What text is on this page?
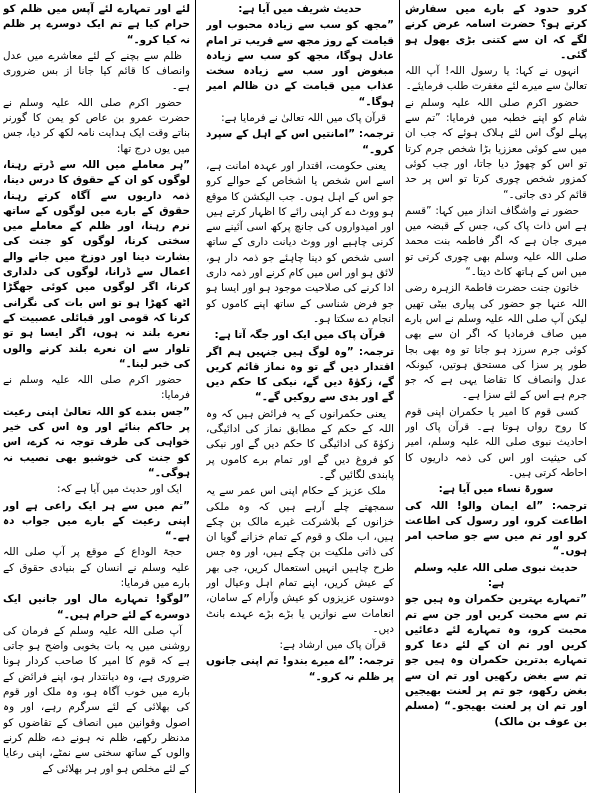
کرو حدود کے بارے میں سفارش کرتے ہو؟ حضرت اسامہ عرض کرنے لگے کہ ان سے کتنی بڑی بھول ہو گئی۔

انہوں نے کہا: یا رسول اللہ! آپ اللہ تعالیٰ سے میرے لئے مغفرت طلب فرمایئے۔

حضور اکرم صلی اللہ علیہ وسلم نے شام کو اپنے خطبہ میں فرمایا: ”تم سے پہلے لوگ اس لئے ہلاک ہوئے کہ جب ان میں سے کوئی معززیا بڑا شخص جرم کرتا تو اس کو چھوڑ دیا جاتا، اور جب کوئی کمزور شخص چوری کرتا تو اس پر حد قائم کر دی جاتی۔“

حضور نے واشگاف انداز میں کہا: ”قسم ہے اس ذات پاک کی، جس کے قبضہ میں میری جان ہے کہ اگر فاطمہ بنت محمد صلی اللہ علیہ وسلم بھی چوری کرتی تو میں اس کے ہاتھ کاٹ دیتا۔“

خاتون جنت حضرت فاطمۃ الزہرہ رضی اللہ عنہا جو حضور کی پیاری بیٹی تھیں لیکن آپ صلی اللہ علیہ وسلم نے اس بارے میں صاف فرمادیا کہ اگر ان سے بھی کوئی جرم سرزد ہو جاتا تو وہ بھی بجا طور پر سزا کی مستحق ہوتیں، کیونکہ عدل وانصاف کا تقاضا یہی ہے کہ جو جرم ہے اس کے لئے سزا ہے۔

کسی قوم کا امیر یا حکمران اپنی قوم کا روح رواں ہوتا ہے۔ قرآن پاک اور احادیث نبوی صلی اللہ علیہ وسلم، امیر کی حیثیت اور اس کی ذمہ داریوں کا احاطہ کرتی ہیں۔

سورۃ نساء میں آیا ہے:

ترجمہ: ”اے ایمان والو! اللہ کی اطاعت کرو، اور رسول کی اطاعت کرو اور تم میں سے جو صاحب امر ہوں۔“

حدیث نبوی صلی اللہ علیہ وسلم ہے:

”تمہارے بہترین حکمران وہ ہیں جو تم سے محبت کریں اور جن سے تم محبت کرو، وہ تمہارے لئے دعائیں کریں اور تم ان کے لئے دعا کرو تمہارے بدترین حکمران وہ ہیں جو تم سے بغض رکھیں اور تم ان سے بغض رکھو، جو تم پر لعنت بھیجیں اور تم ان پر لعنت بھیجو۔“ (مسلم بن عوف بن مالک)

حدیث شریف میں آیا ہے:

”مجھ کو سب سے زیادہ محبوب اور قیامت کے روز مجھ سے قریب تر امام عادل ہوگا، مجھ کو سب سے زیادہ مبغوض اور سب سے زیادہ سخت عذاب میں قیامت کے دن ظالم امیر ہوگا۔“

قرآن پاک میں اللہ تعالیٰ نے فرمایا ہے:

ترجمہ: ”امانتیں اس کے اہل کے سپرد کرو۔“

یعنی حکومت، اقتدار اور عہدہ امانت ہے، اسے اس شخص یا اشخاص کے حوالے کرو جو اس کے اہل ہوں۔ جب الیکشن کا موقع ہو ووٹ دے کر اپنی رائے کا اظہار کرتے ہیں اور امیدواروں کی جانچ پرکھ اسی آئینے سے کرنی چاہیے اور ووٹ دیانت داری کے ساتھ اسی شخص کو دینا چاہئے جو ذمہ دار ہو، لائق ہو اور اس میں کام کرنے اور ذمہ داری ادا کرنے کی صلاحیت موجود ہو اور ایسا ہو جو فرض شناسی کے ساتھ اپنے کاموں کو انجام دے سکتا ہو۔

قرآن پاک میں ایک اور جگہ آتا ہے:

ترجمہ: ”وہ لوگ ہیں جنہیں ہم اگر اقتدار دیں گے تو وہ نماز قائم کریں گے، زکوٰۃ دیں گے، نیکی کا حکم دیں گے اور بدی سے روکیں گے۔“

یعنی حکمرانوں کے یہ فرائض ہیں کہ وہ اللہ کے حکم کے مطابق نماز کی ادائیگی، زکوٰۃ کی ادائیگی کا حکم دیں گے اور نیکی کو فروغ دیں گے اور تمام برے کاموں پر پابندی لگائیں گے۔

ملک عزیز کے حکام اپنی اس عمر سے یہ سمجھتے چلے آرہے ہیں کہ وہ ملکی خزانوں کے بلاشرکت غیرے مالک بن چکے ہیں، اب ملک و قوم کے تمام خزانے گویا ان کی ذاتی ملکیت بن چکے ہیں، اور وہ جس طرح چاہیں انہیں استعمال کریں، جی بھر کے عیش کریں، اپنے تمام اہل وعیال اور دوستوں عزیزوں کو عیش وآرام کے سامان، انعامات سے نوازیں یا بڑے بڑے عہدے بانٹ دیں۔

قرآن پاک میں ارشاد ہے:

ترجمہ: ”اے میرے بندو! تم اپنی جانوں پر ظلم نہ کرو۔“

لئے اور تمہارے لئے آپس میں ظلم کو حرام کیا ہے تم ایک دوسرے پر ظلم نہ کیا کرو۔“

ظلم سے بچنے کے لئے معاشرے میں عدل وانصاف کا قائم کیا جانا از بس ضروری ہے۔

حضور اکرم صلی اللہ علیہ وسلم نے حضرت عمرو بن عاص کو یمن کا گورنر بناتے وقت ایک ہدایت نامہ لکھ کر دیا، جس میں یوں درج تھا:

”ہر معاملے میں اللہ سے ڈرتے رہنا، لوگوں کو ان کے حقوق کا درس دینا، ذمہ داریوں سے آگاہ کرتے رہنا، حقوق کے بارے میں لوگوں کے ساتھ نرم رہنا، اور ظلم کے معاملے میں سختی کرنا، لوگوں کو جنت کی بشارت دینا اور دوزخ میں جانے والے اعمال سے ڈرانا، لوگوں کی دلداری کرنا، اگر لوگوں میں کوئی جھگڑا اٹھ کھڑا ہو تو اس بات کی نگرانی کرنا کہ قومی اور قبائلی عصبیت کے نعرے بلند نہ ہوں، اگر ایسا ہو تو تلوار سے ان نعرے بلند کرنے والوں کی خبر لینا۔“

حضور اکرم صلی اللہ علیہ وسلم نے فرمایا:

”جس بندے کو اللہ تعالیٰ اپنی رعیت پر حاکم بنائے اور وہ اس کی خیر خواہی کی طرف توجہ نہ کرے، اس کو جنت کی خوشبو بھی نصیب نہ ہوگی۔“

ایک اور حدیث میں آیا ہے کہ:

”تم میں سے ہر ایک راعی ہے اور اپنی رعیت کے بارے میں جواب دہ ہے۔“

حجۃ الوداع کے موقع پر آپ صلی اللہ علیہ وسلم نے انسان کے بنیادی حقوق کے بارے میں فرمایا:

”لوگو! تمہارے مال اور جانیں ایک دوسرے کے لئے حرام ہیں۔“

آپ صلی اللہ علیہ وسلم کے فرمان کی روشنی میں یہ بات بخوبی واضح ہو جاتی ہے کہ قوم کا امیر کا صاحب کردار ہونا ضروری ہے، وہ دیانتدار ہو، اپنے فرائض کے بارے میں خوب آگاہ ہو، وہ ملک اور قوم کی بھلائی کے لئے سرگرم رہے، اور وہ اصول وقوانین میں انصاف کے تقاضوں کو مدنظر رکھے، ظلم نہ ہونے دے، ظلم کرنے والوں کے ساتھ سختی سے نمٹے، اپنی رعایا کے لئے مخلص ہو اور ہر بھلائی کے
